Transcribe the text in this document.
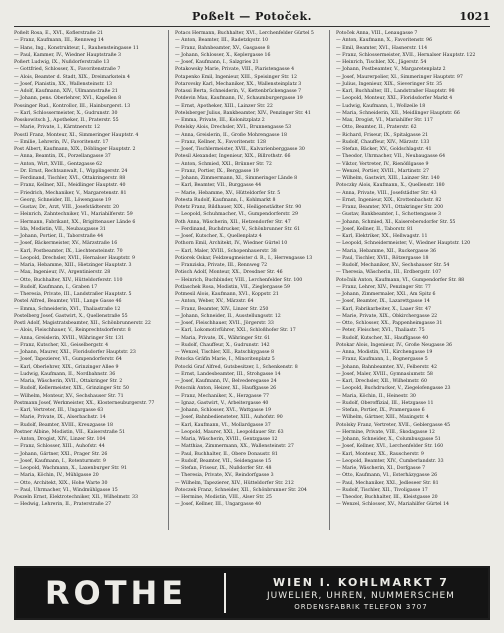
Poßelt — Potoček.	1021
Poßelt Rosa, E., XVI., Koflerstraße 21
— Franz, Kaufmann, III., Rennweg 14
— Hans, Ing., Konstrukteur, I., Rauhensteingasse 11
— Paul, Kammer, IV., Wiedner Hauptstraße 3
Poßert Ludwig, IX., Nußdorferstraße 13
— Gottfried, Schlosser, X., Favoritenstraße 7
— Alois, Beamter d. Stadt, XIX., Dreimarkstein 4
— Josef, Pianistin, XX., Wallensteinstr. 13
— Adolf, Kaufmann, XIV., Ullmannstraße 21
— Johann, pens. Oberlehrer, XVI., Kapellen 8
Possinger Rud., Kontrollor, III., Hainburgerst. 13
— Karl, Schlossermeister, X., Gudrunstr. 30
Posskowitsch J., Apotheker, II., Praterstr. 55
— Marie, Private, I., Kärntnerstr. 12
Posstl Franz, Monteur, XI., Simmeringer Hauptstr. 4
— Emilie, Lehrerin, IV., Favoritenstr. 17
Post Albert, Kaufmann, XIX., Döblinger Hauptstr. 2
— Anna, Beamtin, IX., Porzellangasse 37
— Anton, Wirt, XVIII., Gentzgasse 62
— Dr. Ernst, Rechtsanwalt, I., Wipplingerstr. 24
— Ferdinand, Tischler, XVI., Ottakringerstr. 88
— Franz, Kellner, XII., Meidlinger Hauptstr. 40
— Friedrich, Mechaniker, V., Margaretenstr. 81
— Georg, Schneider, III., Löwengasse 19
— Gustav, Dr., Arzt, VIII., Josefstädterstr. 20
— Heinrich, Zahntechniker, VI., Mariahilferstr. 59
— Hermann, Fabrikant, XX., Brigittenauer Lände 6
— Ida, Modistin, VII., Neubaugasse 31
— Johann, Portier, II., Taborstraße 44
— Josef, Bäckermeister, XV., Märzstraße 16
— Karl, Postbeamter, IX., Liechtensteinstr. 70
— Leopold, Drechsler, XVII., Hernalser Hauptstr. 9
— Maria, Hebamme, XIII., Hietzinger Hauptstr. 3
— Max, Ingenieur, IV., Argentinierstr. 28
— Otto, Buchhalter, XIV., Hütteldorferstr. 110
— Rudolf, Kaufmann, I., Graben 17
— Theresia, Private, III., Landstraßer Hauptstr. 5
Postel Alfred, Beamter, VIII., Lange Gasse 46
— Emma, Schneiderin, XVI., Thaliastraße 12
Postelberg Josef, Gastwirt, X., Quellenstraße 55
Postl Adolf, Magistratsbeamter, XII., Schönbrunnerstr. 22
— Alois, Fleischhauer, V., Reinprechtsdorferstr. 8
— Anna, Greislerin, XVIII., Währinger Str. 131
— Franz, Kutscher, XI., Geiselbergstr. 4
— Johann, Maurer, XXI., Floridsdorfer Hauptstr. 23
— Josef, Tapezierer, VI., Gumpendorferstr. 64
— Karl, Oberlehrer, XIX., Grinzinger Allee 9
— Ludwig, Kaufmann, II., Nordbahnstr. 36
— Maria, Wäscherin, XVII., Ottakringer Str. 2
— Rudolf, Kellermeister, XIX., Grinzinger Str. 50
— Wilhelm, Monteur, XV., Sechshauser Str. 71
Postmann Josef, Werkmeister, XX., Klosterneuburgerstr. 77
— Karl, Vertreter, III., Ungargasse 63
— Marie, Private, IX., Alserbachstr. 14
— Rudolf, Beamter, XVIII., Kreuzgasse 18
Postner Albine, Modistin, VII., Kaiserstraße 51
— Anton, Drogist, XIV., Linzer Str. 104
— Franz, Schlosser, XIII., Auhofstr. 44
— Johann, Gärtner, XXI., Prager Str. 26
— Josef, Kaufmann, I., Rotenturmstr. 9
— Leopold, Wachmann, X., Laxenburger Str. 91
— Maria, Köchin, IV., Mühlgasse 20
— Otto, Architekt, XIX., Hohe Warte 30
— Paul, Uhrmacher, VI., Windmühlgasse 15
Poszeln Ernst, Elektrotechniker, XII., Wilhelmstr. 33
— Hedwig, Lehrerin, II., Praterstraße 27
Potacs Hermann, Buchhalter, XVI., Lerchenfelder Gürtel 5
— Anton, Beamter, III., Radetzkystr. 10
— Franz, Bahnbeamter, XV., Gasgasse 8
— Johann, Schlosser, X., Keplergasse 16
— Josef, Kaufmann, I., Salzgries 21
Potakowsky Marie, Private, VIII., Piaristengasse 4
Potapenko Emil, Ingenieur, XIII., Speisinger Str. 12
Potarovsky Karl, Mechaniker, XX., Wallensteinplatz 3
Potassi Berta, Schneiderin, V., Kettenbrückengasse 7
Potdevin Max, Kaufmann, IV., Schaumburgergasse 19
— Ernst, Apotheker, XIII., Lainzer Str. 22
Potelsberger Julius, Bankbeamter, XIV., Penzinger Str. 41
— Emma, Private, III., Kolonitzplatz 2
Potelsky Alois, Drechsler, XVI., Brunnengasse 53
— Anna, Greislerin, II., Große Mohrengasse 18
— Franz, Kellner, X., Favoritenstr. 128
— Josef, Tischlermeister, XVII., Kalvarienberggasse 30
Potesil Alexander, Ingenieur, XIX., Billrothstr. 66
— Anton, Schmied, XXI., Brünner Str. 72
— Franz, Portier, IX., Berggasse 19
— Johann, Zimmermann, XI., Simmeringer Lände 8
— Karl, Beamter, VII., Burggasse 44
— Marie, Hebamme, XV., Hütteldorfer Str. 5
Potesta Rudolf, Kaufmann, I., Kohlmarkt 8
Potetz Franz, Bildhauer, XIX., Heiligenstädter Str. 90
— Leopold, Schuhmacher, VI., Gumpendorferstr. 29
Poth Anna, Wäscherin, XII., Hetzendorfer Str. 47
— Ferdinand, Buchdrucker, V., Schönbrunner Str. 61
— Josef, Kutscher, X., Quellenplatz 4
Pothorn Emil, Architekt, IV., Wiedner Gürtel 10
— Karl, Maler, XVIII., Schopenhauerstr. 38
Potiorek Oskar, Feldzeugmeister d. R., I., Herrengasse 13
— Franziska, Private, III., Rennweg 72
Potisch Adolf, Monteur, XX., Dresdner Str. 46
— Heinrich, Buchbinder, VIII., Lerchenfelder Str. 100
Potlaschek Rosa, Modistin, VII., Zieglergasse 59
Potmesil Alois, Kaufmann, XVI., Koppstr. 21
— Anton, Weber, XV., Märzstr. 64
— Franz, Beamter, XIV., Linzer Str. 250
— Johann, Schneider, II., Ausstellungsstr. 12
— Josef, Fleischhauer, XVII., Jörgerstr. 33
— Karl, Lokomotivführer, XXI., Schloßhofer Str. 17
— Maria, Private, IX., Währinger Str. 61
— Rudolf, Chauffeur, X., Gudrunstr. 142
— Wenzel, Tischler, XII., Ratschkygasse 8
Potocka Gräfin Marie, I., Minoritenplatz 5
Potocki Graf Alfred, Gutsbesitzer, I., Schenkenstr. 8
— Ernst, Landesbeamter, III., Strohgasse 14
— Josef, Kaufmann, IV., Belvederegasse 24
Potocnik Anton, Heizer, XI., Hauffgasse 26
— Franz, Mechaniker, X., Herzgasse 77
— Ignaz, Gastwirt, V., Arbeitergasse 40
— Johann, Schlosser, XVI., Wattgasse 19
— Josef, Bahnbediensteter, XIII., Auhofstr. 90
— Karl, Kaufmann, VI., Mollardgasse 37
— Leopold, Maurer, XXI., Leopoldauer Str. 63
— Maria, Wäscherin, XVIII., Gentzgasse 12
— Matthias, Zimmermann, XX., Wallensteinstr. 27
— Paul, Buchhalter, II., Obere Donaustr. 81
— Rudolf, Beamter, VII., Seidengasse 15
— Stefan, Friseur, IX., Nußdorfer Str. 48
— Theresia, Private, XV., Reindorfgasse 3
— Wilhelm, Tapezierer, XIV., Hütteldorfer Str. 212
Potoczek Franz, Schneider, XII., Schönbrunner Str. 204
— Hermine, Modistin, VIII., Alser Str. 25
— Josef, Kellner, III., Ungargasse 40
Potoček Anna, VIII., Lenaugasse 7
— Anton, Kaufmann, X., Favoritenstr. 96
— Emil, Beamter, XVI., Hasnerstr. 114
— Franz, Schlossermeister, XVII., Hernalser Hauptstr. 122
— Heinrich, Tischler, XX., Jägerstr. 54
— Johann, Postbeamter, V., Margaretenplatz 2
— Josef, Maurerpolier, XI., Simmeringer Hauptstr. 97
— Julius, Ingenieur, XIX., Sieveringer Str. 35
— Karl, Buchhalter, III., Landstraßer Hauptstr. 98
— Leopold, Monteur, XXI., Floridsdorfer Markt 4
— Ludwig, Kaufmann, I., Wollzeile 18
— Maria, Schneiderin, XII., Meidlinger Hauptstr. 66
— Max, Drogist, VI., Mariahilfer Str. 117
— Otto, Beamter, II., Praterstr. 62
— Richard, Friseur, IX., Spitalgasse 21
— Rudolf, Chauffeur, XIV., Märzstr. 133
— Stefan, Bäcker, XV., Goldschlagstr. 41
— Theodor, Uhrmacher, VII., Neubaugasse 64
— Viktor, Vertreter, IV., Rienößlgasse 9
— Wenzel, Portier, XVIII., Martinstr. 27
— Wilhelm, Gastwirt, XIII., Lainzer Str. 140
Potoczky Alois, Kaufmann, X., Quellenstr. 180
— Anna, Private, VIII., Josefstädter Str. 43
— Ernst, Ingenieur, XIX., Krottenbachstr. 82
— Franz, Beamter, XVI., Ottakringer Str. 200
— Gustav, Bankbeamter, I., Schottengasse 3
— Johann, Schmied, XI., Kaiserebersdorfer Str. 55
— Josef, Kellner, II., Taborstr. 81
— Karl, Elektriker, XX., Hellwagstr. 11
— Leopold, Schneidermeister, V., Wiedner Hauptstr. 120
— Maria, Hebamme, XII., Ruckergasse 36
— Paul, Tischler, XVII., Rötzergasse 18
— Rudolf, Mechaniker, XV., Sechshauser Str. 54
— Theresia, Wäscherin, III., Erdbergstr. 107
Potočnik Anton, Kaufmann, VI., Gumpendorfer Str. 88
— Franz, Lehrer, XIV., Penzinger Str. 77
— Johann, Zimmermaler, XXI., Am Spitz 6
— Josef, Beamter, IX., Lazarettgasse 14
— Karl, Fabrikarbeiter, X., Laaer Str. 47
— Marie, Private, XIX., Obkirchergasse 22
— Otto, Schlosser, XX., Pappenheimgasse 31
— Peter, Fleischer, XVI., Thaliastr. 75
— Rudolf, Kutscher, XI., Hauffgasse 40
Potokar Alois, Ingenieur, IV., Große Neugasse 36
— Anna, Modistin, VII., Kirchengasse 19
— Franz, Kaufmann, I., Bognergasse 5
— Johann, Bahnbeamter, XV., Felberstr. 42
— Josef, Maler, XVIII., Gymnasiumstr. 58
— Karl, Drechsler, XII., Wilhelmstr. 60
— Leopold, Buchdrucker, V., Ziegelofengasse 23
— Maria, Köchin, II., Heinestr. 30
— Rudolf, Oberoffizial, III., Hetzgasse 11
— Stefan, Portier, IX., Pramergasse 6
— Wilhelm, Gärtner, XIII., Maxingstr. 4
Potolsky Franz, Vertreter, XVII., Geblergasse 45
— Hermine, Private, VIII., Skodagasse 12
— Johann, Schneider, X., Columbusgasse 51
— Josef, Kellner, XVI., Lerchenfelder Str. 160
— Karl, Monteur, XX., Rauscherstr. 9
— Leopold, Beamter, XIV., Cumberlandstr. 33
— Marie, Wäscherin, XI., Dorfgasse 7
— Otto, Kaufmann, VI., Esterházygasse 26
— Paul, Mechaniker, XXI., Jedleseer Str. 81
— Rudolf, Tischler, XII., Tivoligasse 17
— Theodor, Buchhalter, III., Kleistgasse 20
— Wenzel, Schlosser, XV., Mariahilfer Gürtel 14
ROTHE	WIEN I. KOHLMARKT 7
JUWELIER, UHREN, NUMMERSCHEM
ORDENSFABRIK TELEFON 3707
